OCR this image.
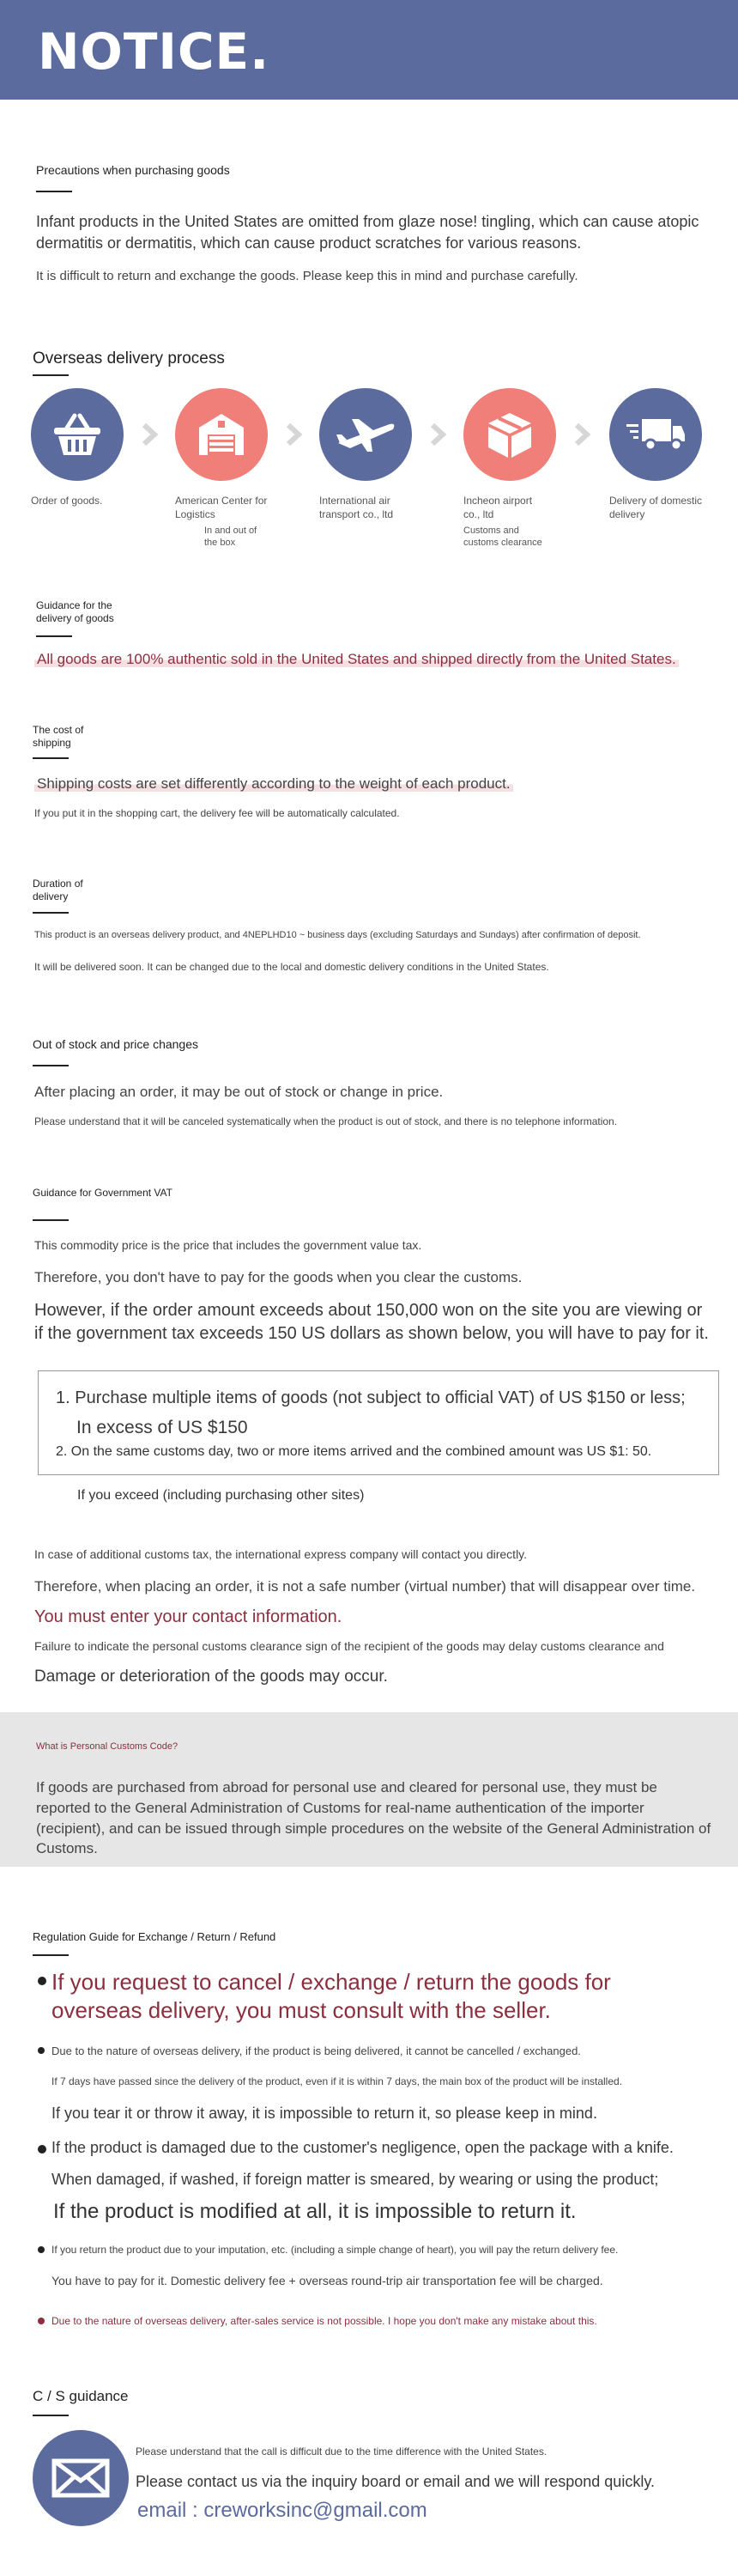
NOTICE.
Precautions when purchasing goods
Infant products in the United States are omitted from glaze nose! tingling, which can cause atopic dermatitis or dermatitis, which can cause product scratches for various reasons.
It is difficult to return and exchange the goods. Please keep this in mind and purchase carefully.
Overseas delivery process
Order of goods.	American Center for Logistics
In and out of the box
International air transport co., ltd
Incheon airport co., ltd
Customs and customs clearance
Delivery of domestic delivery
Guidance for the delivery of goods
All goods are 100% authentic sold in the United States and shipped directly from the United States.
The cost of shipping
Shipping costs are set differently according to the weight of each product.
If you put it in the shopping cart, the delivery fee will be automatically calculated.
Duration of delivery
This product is an overseas delivery product, and 4NEPLHD10 ~ business days (excluding Saturdays and Sundays) after confirmation of deposit.
It will be delivered soon. It can be changed due to the local and domestic delivery conditions in the United States.
Out of stock and price changes
After placing an order, it may be out of stock or change in price.
Please understand that it will be canceled systematically when the product is out of stock, and there is no telephone information.
Guidance for Government VAT
This commodity price is the price that includes the government value tax.
Therefore, you don't have to pay for the goods when you clear the customs.
However, if the order amount exceeds about 150,000 won on the site you are viewing or if the government tax exceeds 150 US dollars as shown below, you will have to pay for it.
1. Purchase multiple items of goods (not subject to official VAT) of US $150 or less;
In excess of US $150
2. On the same customs day, two or more items arrived and the combined amount was US $1: 50.
If you exceed (including purchasing other sites)
In case of additional customs tax, the international express company will contact you directly.
Therefore, when placing an order, it is not a safe number (virtual number) that will disappear over time.
You must enter your contact information.
Failure to indicate the personal customs clearance sign of the recipient of the goods may delay customs clearance and
Damage or deterioration of the goods may occur.
What is Personal Customs Code?
If goods are purchased from abroad for personal use and cleared for personal use, they must be reported to the General Administration of Customs for real-name authentication of the importer (recipient), and can be issued through simple procedures on the website of the General Administration of Customs.
Regulation Guide for Exchange / Return / Refund
If you request to cancel / exchange / return the goods for overseas delivery, you must consult with the seller.
Due to the nature of overseas delivery, if the product is being delivered, it cannot be cancelled / exchanged.
If 7 days have passed since the delivery of the product, even if it is within 7 days, the main box of the product will be installed.
If you tear it or throw it away, it is impossible to return it, so please keep in mind.
If the product is damaged due to the customer's negligence, open the package with a knife.
When damaged, if washed, if foreign matter is smeared, by wearing or using the product;
If the product is modified at all, it is impossible to return it.
If you return the product due to your imputation, etc. (including a simple change of heart), you will pay the return delivery fee.
You have to pay for it. Domestic delivery fee + overseas round-trip air transportation fee will be charged.
Due to the nature of overseas delivery, after-sales service is not possible. I hope you don't make any mistake about this.
C / S guidance
Please understand that the call is difficult due to the time difference with the United States.
Please contact us via the inquiry board or email and we will respond quickly.
email : creworksinc@gmail.com
